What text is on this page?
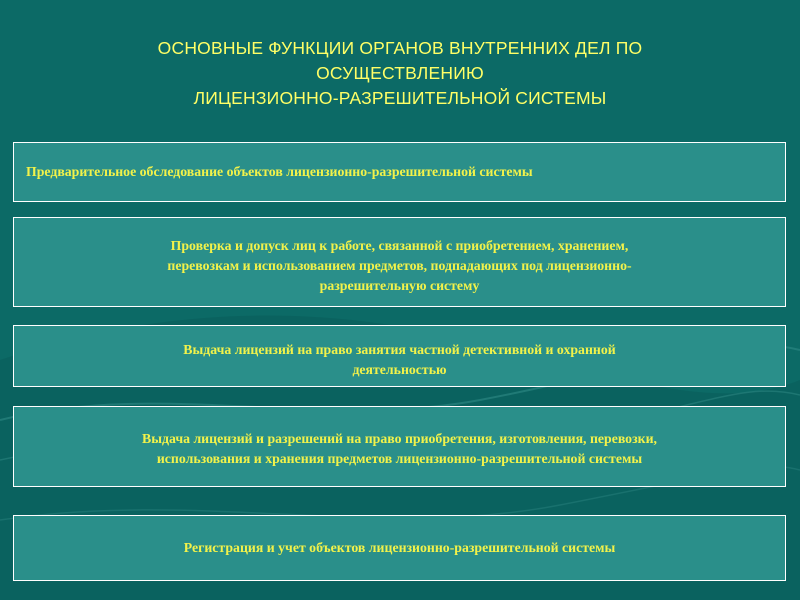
ОСНОВНЫЕ ФУНКЦИИ ОРГАНОВ ВНУТРЕННИХ ДЕЛ ПО
ОСУЩЕСТВЛЕНИЮ
ЛИЦЕНЗИОННО-РАЗРЕШИТЕЛЬНОЙ СИСТЕМЫ
Предварительное обследование объектов лицензионно-разрешительной системы
Проверка и допуск лиц к работе, связанной с приобретением, хранением,
перевозкам и использованием предметов, подпадающих под лицензионно-
разрешительную систему
Выдача лицензий на право занятия частной детективной и охранной
деятельностью
Выдача лицензий и разрешений на право приобретения, изготовления, перевозки,
использования и хранения предметов лицензионно-разрешительной системы
Регистрация и учет объектов лицензионно-разрешительной системы
